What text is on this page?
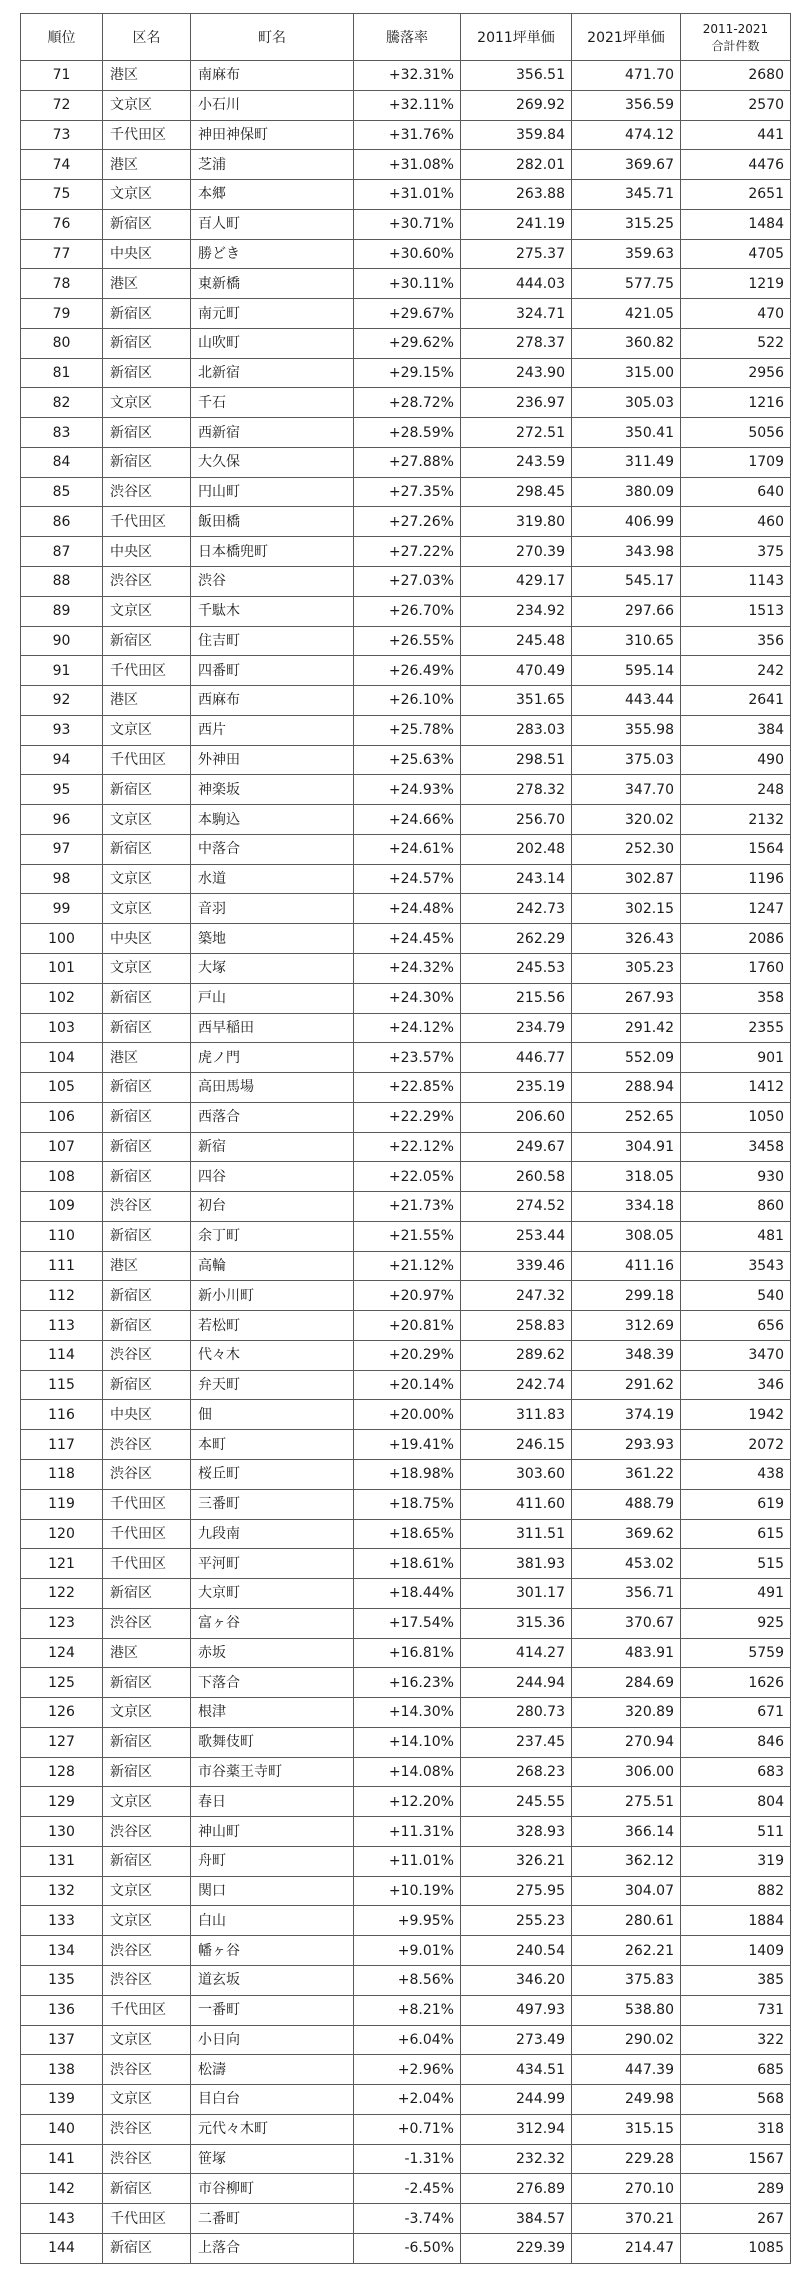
順位	区名	町名	騰落率	2011坪単価	2021坪単価	2011-2021
合計件数

71	港区	南麻布	+32.31%	356.51	471.70	2680
72	文京区	小石川	+32.11%	269.92	356.59	2570
73	千代田区	神田神保町	+31.76%	359.84	474.12	441
74	港区	芝浦	+31.08%	282.01	369.67	4476
75	文京区	本郷	+31.01%	263.88	345.71	2651
76	新宿区	百人町	+30.71%	241.19	315.25	1484
77	中央区	勝どき	+30.60%	275.37	359.63	4705
78	港区	東新橋	+30.11%	444.03	577.75	1219
79	新宿区	南元町	+29.67%	324.71	421.05	470
80	新宿区	山吹町	+29.62%	278.37	360.82	522
81	新宿区	北新宿	+29.15%	243.90	315.00	2956
82	文京区	千石	+28.72%	236.97	305.03	1216
83	新宿区	西新宿	+28.59%	272.51	350.41	5056
84	新宿区	大久保	+27.88%	243.59	311.49	1709
85	渋谷区	円山町	+27.35%	298.45	380.09	640
86	千代田区	飯田橋	+27.26%	319.80	406.99	460
87	中央区	日本橋兜町	+27.22%	270.39	343.98	375
88	渋谷区	渋谷	+27.03%	429.17	545.17	1143
89	文京区	千駄木	+26.70%	234.92	297.66	1513
90	新宿区	住吉町	+26.55%	245.48	310.65	356
91	千代田区	四番町	+26.49%	470.49	595.14	242
92	港区	西麻布	+26.10%	351.65	443.44	2641
93	文京区	西片	+25.78%	283.03	355.98	384
94	千代田区	外神田	+25.63%	298.51	375.03	490
95	新宿区	神楽坂	+24.93%	278.32	347.70	248
96	文京区	本駒込	+24.66%	256.70	320.02	2132
97	新宿区	中落合	+24.61%	202.48	252.30	1564
98	文京区	水道	+24.57%	243.14	302.87	1196
99	文京区	音羽	+24.48%	242.73	302.15	1247
100	中央区	築地	+24.45%	262.29	326.43	2086
101	文京区	大塚	+24.32%	245.53	305.23	1760
102	新宿区	戸山	+24.30%	215.56	267.93	358
103	新宿区	西早稲田	+24.12%	234.79	291.42	2355
104	港区	虎ノ門	+23.57%	446.77	552.09	901
105	新宿区	高田馬場	+22.85%	235.19	288.94	1412
106	新宿区	西落合	+22.29%	206.60	252.65	1050
107	新宿区	新宿	+22.12%	249.67	304.91	3458
108	新宿区	四谷	+22.05%	260.58	318.05	930
109	渋谷区	初台	+21.73%	274.52	334.18	860
110	新宿区	余丁町	+21.55%	253.44	308.05	481
111	港区	高輪	+21.12%	339.46	411.16	3543
112	新宿区	新小川町	+20.97%	247.32	299.18	540
113	新宿区	若松町	+20.81%	258.83	312.69	656
114	渋谷区	代々木	+20.29%	289.62	348.39	3470
115	新宿区	弁天町	+20.14%	242.74	291.62	346
116	中央区	佃	+20.00%	311.83	374.19	1942
117	渋谷区	本町	+19.41%	246.15	293.93	2072
118	渋谷区	桜丘町	+18.98%	303.60	361.22	438
119	千代田区	三番町	+18.75%	411.60	488.79	619
120	千代田区	九段南	+18.65%	311.51	369.62	615
121	千代田区	平河町	+18.61%	381.93	453.02	515
122	新宿区	大京町	+18.44%	301.17	356.71	491
123	渋谷区	富ヶ谷	+17.54%	315.36	370.67	925
124	港区	赤坂	+16.81%	414.27	483.91	5759
125	新宿区	下落合	+16.23%	244.94	284.69	1626
126	文京区	根津	+14.30%	280.73	320.89	671
127	新宿区	歌舞伎町	+14.10%	237.45	270.94	846
128	新宿区	市谷薬王寺町	+14.08%	268.23	306.00	683
129	文京区	春日	+12.20%	245.55	275.51	804
130	渋谷区	神山町	+11.31%	328.93	366.14	511
131	新宿区	舟町	+11.01%	326.21	362.12	319
132	文京区	関口	+10.19%	275.95	304.07	882
133	文京区	白山	+9.95%	255.23	280.61	1884
134	渋谷区	幡ヶ谷	+9.01%	240.54	262.21	1409
135	渋谷区	道玄坂	+8.56%	346.20	375.83	385
136	千代田区	一番町	+8.21%	497.93	538.80	731
137	文京区	小日向	+6.04%	273.49	290.02	322
138	渋谷区	松濤	+2.96%	434.51	447.39	685
139	文京区	目白台	+2.04%	244.99	249.98	568
140	渋谷区	元代々木町	+0.71%	312.94	315.15	318
141	渋谷区	笹塚	-1.31%	232.32	229.28	1567
142	新宿区	市谷柳町	-2.45%	276.89	270.10	289
143	千代田区	二番町	-3.74%	384.57	370.21	267
144	新宿区	上落合	-6.50%	229.39	214.47	1085
